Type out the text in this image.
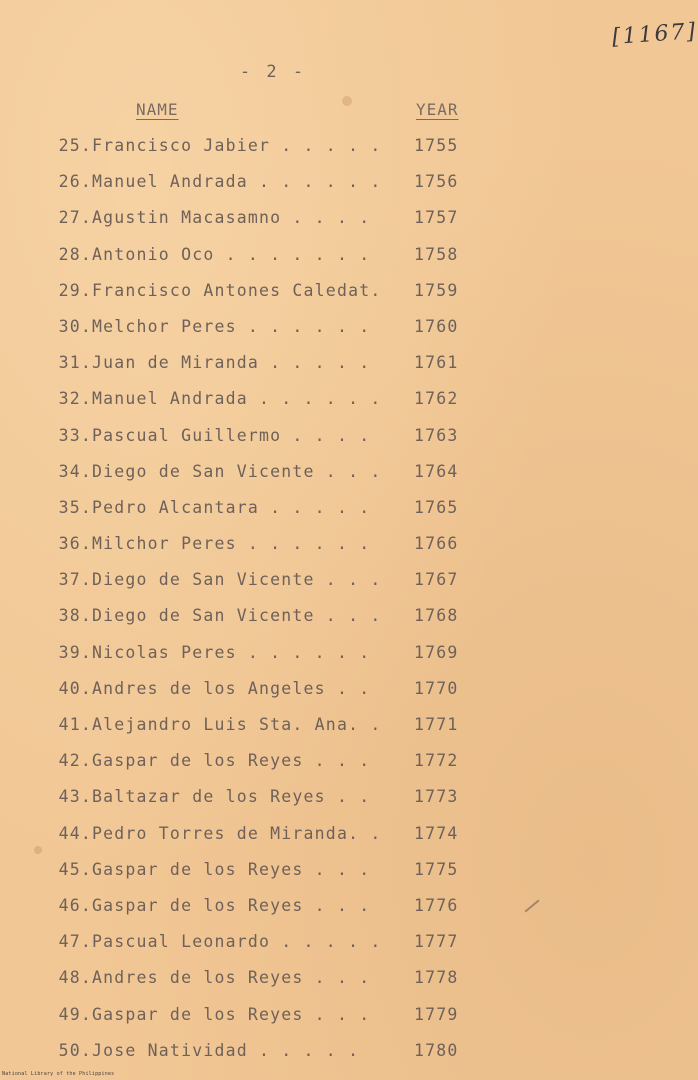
[1167]
- 2 -
NAME	YEAR
25. Francisco Jabier . . . . . 1755
26. Manuel Andrada . . . . . . 1756
27. Agustin Macasamno . . . .	1757
28. Antonio Oco . . . . . . .	1758
29. Francisco Antones Caledat. 1759
30. Melchor Peres . . . . . .	1760
31. Juan de Miranda . . . . .	1761
32. Manuel Andrada . . . . . . 1762
33. Pascual Guillermo . . . .	1763
34. Diego de San Vicente . . . 1764
35. Pedro Alcantara . . . . .	1765
36. Milchor Peres . . . . . .	1766
37. Diego de San Vicente . . . 1767
38. Diego de San Vicente . . . 1768
39. Nicolas Peres . . . . . .	1769
40. Andres de los Angeles . .	1770
41. Alejandro Luis Sta. Ana. . 1771
42. Gaspar de los Reyes . . .	1772
43. Baltazar de los Reyes . .	1773
44. Pedro Torres de Miranda. . 1774
45. Gaspar de los Reyes . . .	1775
46. Gaspar de los Reyes . . .	1776
47. Pascual Leonardo . . . . . 1777
48. Andres de los Reyes . . .	1778
49. Gaspar de los Reyes . . .	1779
50. Jose Natividad . . . . .	1780
National Library of the Philippines
